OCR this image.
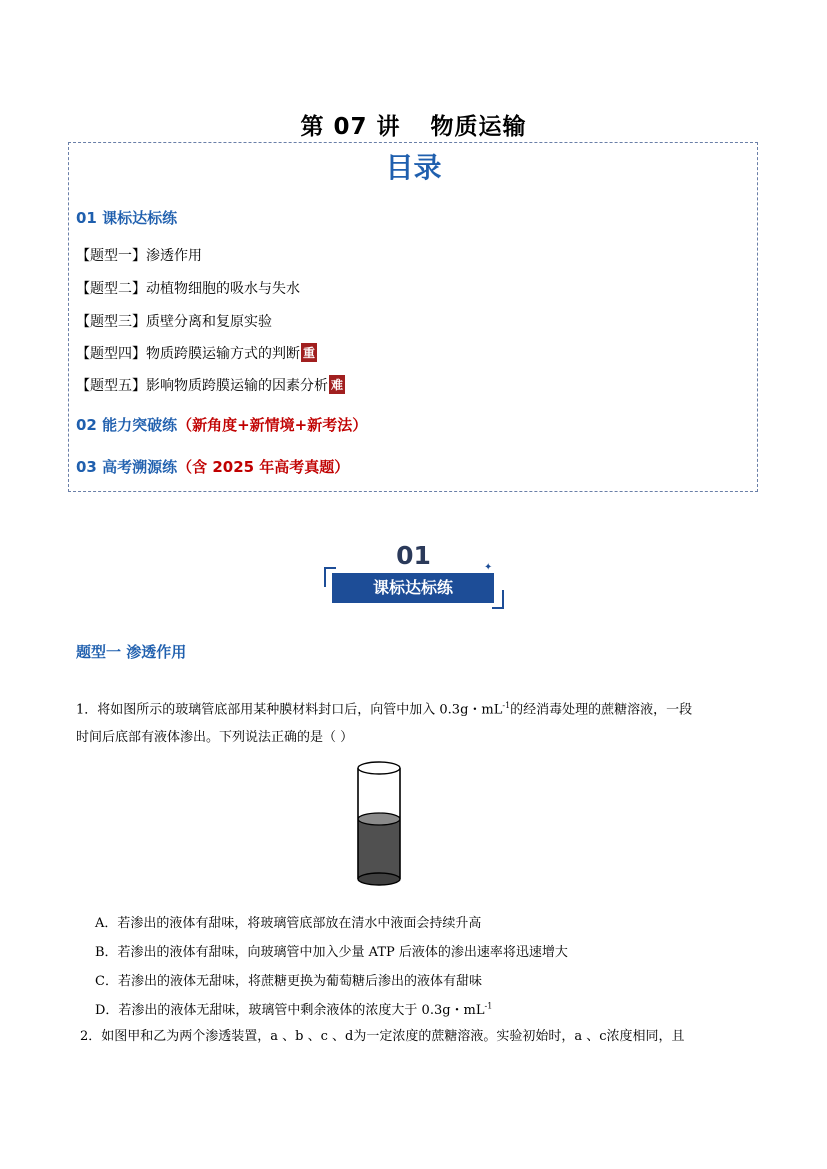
第 07 讲 物质运输
目录
01 课标达标练
【题型一】渗透作用
【题型二】动植物细胞的吸水与失水
【题型三】质壁分离和复原实验
【题型四】物质跨膜运输方式的判断 重
【题型五】影响物质跨膜运输的因素分析 难
02 能力突破练（新角度+新情境+新考法）
03 高考溯源练（含 2025 年高考真题）
01
课标达标练
✦
题型一 渗透作用
1．将如图所示的玻璃管底部用某种膜材料封口后，向管中加入 0.3g・$mL^{-1}$的经消毒处理的蔗糖溶液，一段
时间后底部有液体渗出。下列说法正确的是（ ）
A．若渗出的液体有甜味，将玻璃管底部放在清水中液面会持续升高
B．若渗出的液体有甜味，向玻璃管中加入少量 ATP 后液体的渗出速率将迅速增大
C．若渗出的液体无甜味，将蔗糖更换为葡萄糖后渗出的液体有甜味
D．若渗出的液体无甜味，玻璃管中剩余液体的浓度大于 0.3g・$mL^{-1}$
2．如图甲和乙为两个渗透装置，a 、b 、c 、d为一定浓度的蔗糖溶液。实验初始时，a 、c浓度相同，且
